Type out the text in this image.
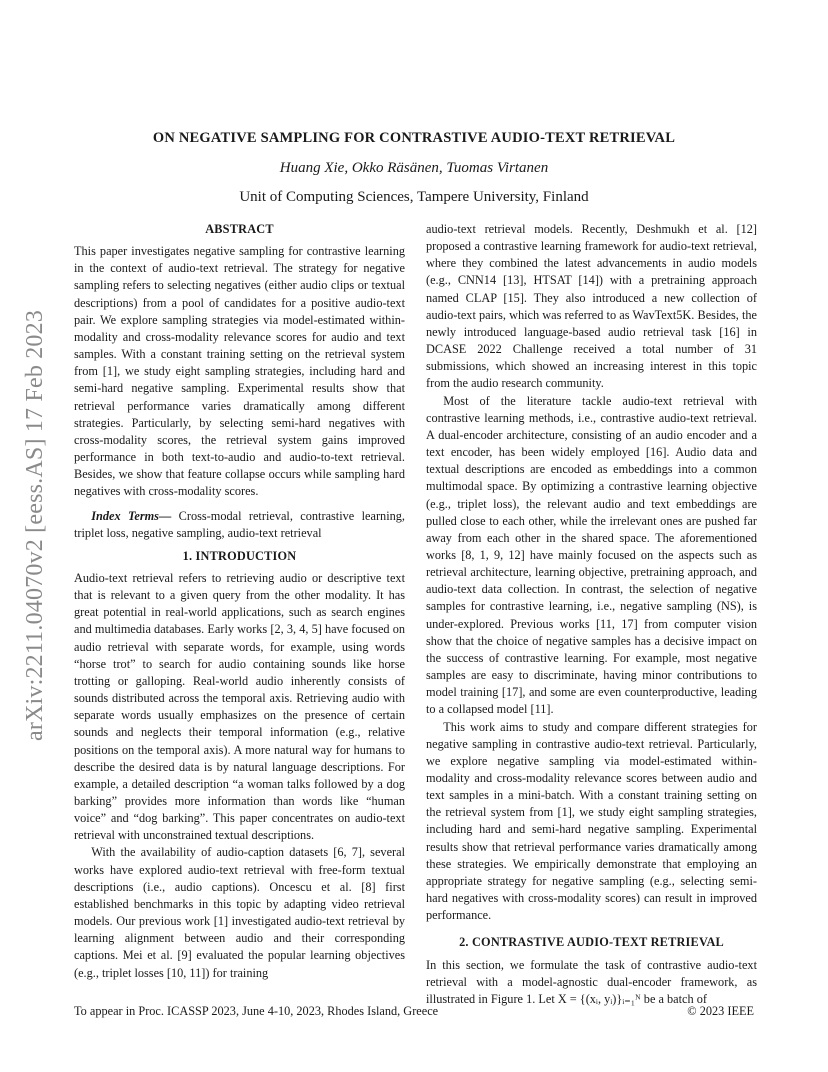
arXiv:2211.04070v2 [eess.AS] 17 Feb 2023
ON NEGATIVE SAMPLING FOR CONTRASTIVE AUDIO-TEXT RETRIEVAL
Huang Xie, Okko Räsänen, Tuomas Virtanen
Unit of Computing Sciences, Tampere University, Finland
ABSTRACT

This paper investigates negative sampling for contrastive learning in the context of audio-text retrieval. The strategy for negative sampling refers to selecting negatives (either audio clips or textual descriptions) from a pool of candidates for a positive audio-text pair. We explore sampling strategies via model-estimated within-modality and cross-modality relevance scores for audio and text samples. With a constant training setting on the retrieval system from [1], we study eight sampling strategies, including hard and semi-hard negative sampling. Experimental results show that retrieval performance varies dramatically among different strategies. Particularly, by selecting semi-hard negatives with cross-modality scores, the retrieval system gains improved performance in both text-to-audio and audio-to-text retrieval. Besides, we show that feature collapse occurs while sampling hard negatives with cross-modality scores.

Index Terms— Cross-modal retrieval, contrastive learning, triplet loss, negative sampling, audio-text retrieval

1. INTRODUCTION

Audio-text retrieval refers to retrieving audio or descriptive text that is relevant to a given query from the other modality. It has great potential in real-world applications, such as search engines and multimedia databases. Early works [2, 3, 4, 5] have focused on audio retrieval with separate words, for example, using words “horse trot” to search for audio containing sounds like horse trotting or galloping. Real-world audio inherently consists of sounds distributed across the temporal axis. Retrieving audio with separate words usually emphasizes on the presence of certain sounds and neglects their temporal information (e.g., relative positions on the temporal axis). A more natural way for humans to describe the desired data is by natural language descriptions. For example, a detailed description “a woman talks followed by a dog barking” provides more information than words like “human voice” and “dog barking”. This paper concentrates on audio-text retrieval with unconstrained textual descriptions.

With the availability of audio-caption datasets [6, 7], several works have explored audio-text retrieval with free-form textual descriptions (i.e., audio captions). Oncescu et al. [8] first established benchmarks in this topic by adapting video retrieval models. Our previous work [1] investigated audio-text retrieval by learning alignment between audio and their corresponding captions. Mei et al. [9] evaluated the popular learning objectives (e.g., triplet losses [10, 11]) for training

audio-text retrieval models. Recently, Deshmukh et al. [12] proposed a contrastive learning framework for audio-text retrieval, where they combined the latest advancements in audio models (e.g., CNN14 [13], HTSAT [14]) with a pretraining approach named CLAP [15]. They also introduced a new collection of audio-text pairs, which was referred to as WavText5K. Besides, the newly introduced language-based audio retrieval task [16] in DCASE 2022 Challenge received a total number of 31 submissions, which showed an increasing interest in this topic from the audio research community.

Most of the literature tackle audio-text retrieval with contrastive learning methods, i.e., contrastive audio-text retrieval. A dual-encoder architecture, consisting of an audio encoder and a text encoder, has been widely employed [16]. Audio data and textual descriptions are encoded as embeddings into a common multimodal space. By optimizing a contrastive learning objective (e.g., triplet loss), the relevant audio and text embeddings are pulled close to each other, while the irrelevant ones are pushed far away from each other in the shared space. The aforementioned works [8, 1, 9, 12] have mainly focused on the aspects such as retrieval architecture, learning objective, pretraining approach, and audio-text data collection. In contrast, the selection of negative samples for contrastive learning, i.e., negative sampling (NS), is under-explored. Previous works [11, 17] from computer vision show that the choice of negative samples has a decisive impact on the success of contrastive learning. For example, most negative samples are easy to discriminate, having minor contributions to model training [17], and some are even counterproductive, leading to a collapsed model [11].

This work aims to study and compare different strategies for negative sampling in contrastive audio-text retrieval. Particularly, we explore negative sampling via model-estimated within-modality and cross-modality relevance scores between audio and text samples in a mini-batch. With a constant training setting on the retrieval system from [1], we study eight sampling strategies, including hard and semi-hard negative sampling. Experimental results show that retrieval performance varies dramatically among these strategies. We empirically demonstrate that employing an appropriate strategy for negative sampling (e.g., selecting semi-hard negatives with cross-modality scores) can result in improved performance.

2. CONTRASTIVE AUDIO-TEXT RETRIEVAL

In this section, we formulate the task of contrastive audio-text retrieval with a model-agnostic dual-encoder framework, as illustrated in Figure 1. Let X = {(xᵢ, yᵢ)}ᵢ₌₁ᴺ be a batch of

To appear in Proc. ICASSP 2023, June 4-10, 2023, Rhodes Island, Greece	© 2023 IEEE
